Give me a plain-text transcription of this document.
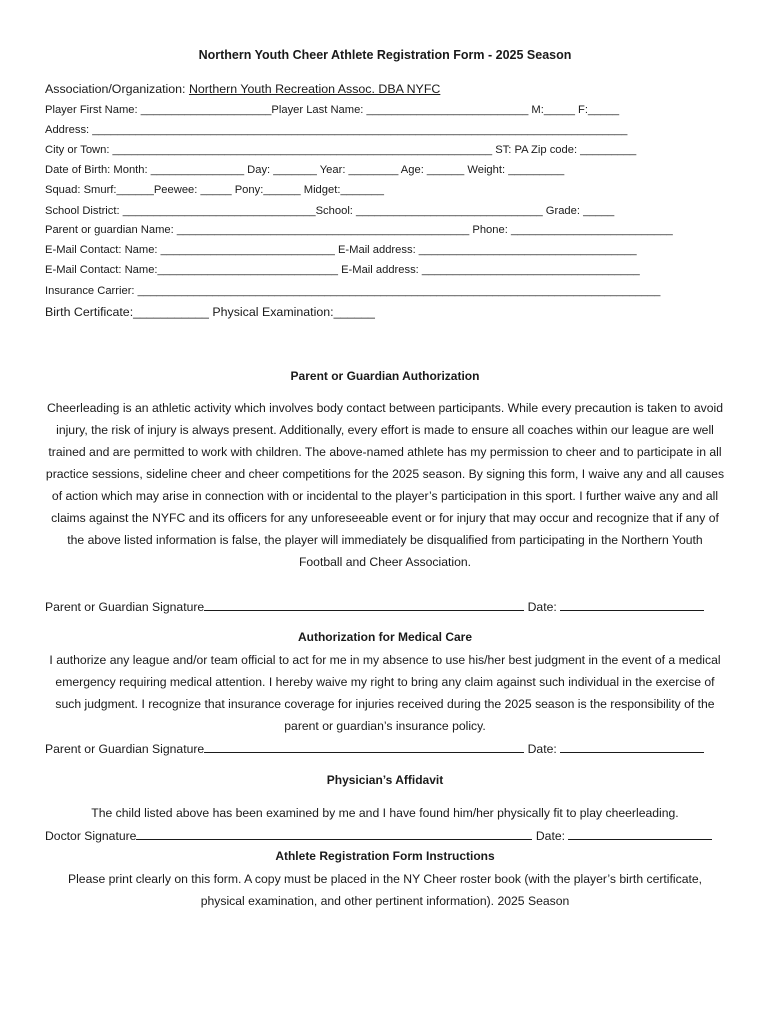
Northern Youth Cheer Athlete Registration Form - 2025 Season
Association/Organization: Northern Youth Recreation Assoc. DBA NYFC
Player First Name: _____________________Player Last Name: __________________________ M:_____ F:_____
Address: ______________________________________________________________________________________
City or Town: _____________________________________________________________ ST: PA Zip code: _________
Date of Birth: Month: _______________ Day: _______ Year: ________ Age: ______ Weight: _________
Squad: Smurf:______Peewee: _____ Pony:______ Midget:_______
School District: _______________________________School: ______________________________ Grade: _____
Parent or guardian Name: _______________________________________________ Phone: __________________________
E-Mail Contact: Name: ____________________________ E-Mail address: ___________________________________
E-Mail Contact: Name:_____________________________ E-Mail address: ___________________________________
Insurance Carrier: ____________________________________________________________________________________
Birth Certificate:___________ Physical Examination:______
Parent or Guardian Authorization
Cheerleading is an athletic activity which involves body contact between participants. While every precaution is taken to avoid injury, the risk of injury is always present. Additionally, every effort is made to ensure all coaches within our league are well trained and are permitted to work with children. The above-named athlete has my permission to cheer and to participate in all practice sessions, sideline cheer and cheer competitions for the 2025 season. By signing this form, I waive any and all causes of action which may arise in connection with or incidental to the player’s participation in this sport. I further waive any and all claims against the NYFC and its officers for any unforeseeable event or for injury that may occur and recognize that if any of the above listed information is false, the player will immediately be disqualified from participating in the Northern Youth Football and Cheer Association.
Parent or Guardian Signature	Date:
Authorization for Medical Care
I authorize any league and/or team official to act for me in my absence to use his/her best judgment in the event of a medical emergency requiring medical attention. I hereby waive my right to bring any claim against such individual in the exercise of such judgment. I recognize that insurance coverage for injuries received during the 2025 season is the responsibility of the parent or guardian’s insurance policy.
Parent or Guardian Signature	Date:
Physician’s Affidavit
The child listed above has been examined by me and I have found him/her physically fit to play cheerleading.
Doctor Signature	Date:
Athlete Registration Form Instructions
Please print clearly on this form. A copy must be placed in the NY Cheer roster book (with the player’s birth certificate, physical examination, and other pertinent information). 2025 Season
